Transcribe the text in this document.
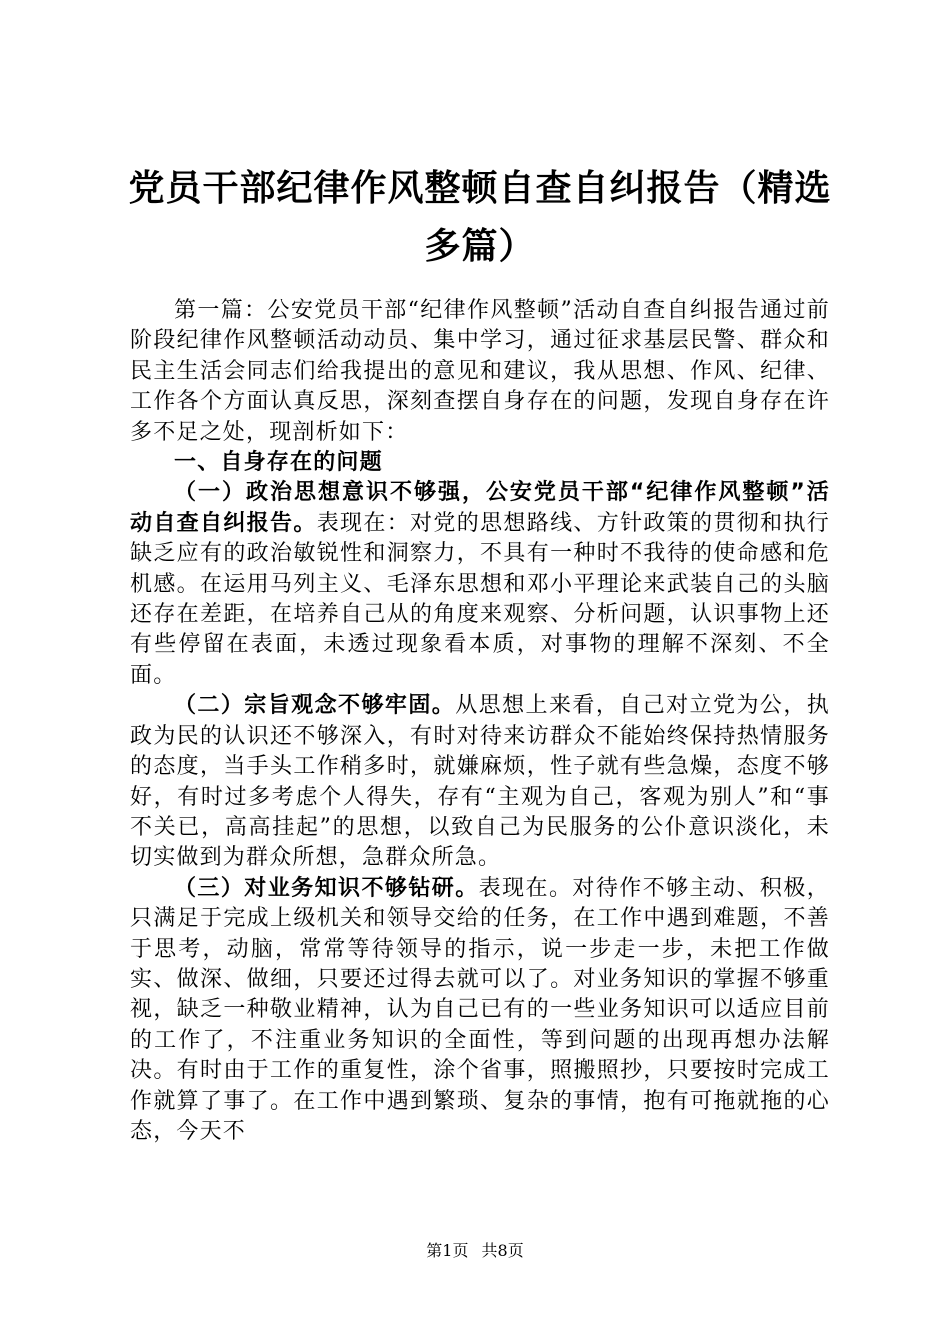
党员干部纪律作风整顿自查自纠报告（精选多篇）

第一篇：公安党员干部“纪律作风整顿”活动自查自纠报告通过前阶段纪律作风整顿活动动员、集中学习，通过征求基层民警、群众和民主生活会同志们给我提出的意见和建议，我从思想、作风、纪律、工作各个方面认真反思，深刻查摆自身存在的问题，发现自身存在许多不足之处，现剖析如下：

一、自身存在的问题

（一）政治思想意识不够强，公安党员干部“纪律作风整顿”活动自查自纠报告。表现在：对党的思想路线、方针政策的贯彻和执行缺乏应有的政治敏锐性和洞察力，不具有一种时不我待的使命感和危机感。在运用马列主义、毛泽东思想和邓小平理论来武装自己的头脑还存在差距，在培养自己从的角度来观察、分析问题，认识事物上还有些停留在表面，未透过现象看本质，对事物的理解不深刻、不全面。

（二）宗旨观念不够牢固。从思想上来看，自己对立党为公，执政为民的认识还不够深入，有时对待来访群众不能始终保持热情服务的态度，当手头工作稍多时，就嫌麻烦，性子就有些急燥，态度不够好，有时过多考虑个人得失，存有“主观为自己，客观为别人”和“事不关已，高高挂起”的思想，以致自己为民服务的公仆意识淡化，未切实做到为群众所想，急群众所急。

（三）对业务知识不够钻研。表现在。对待作不够主动、积极，只满足于完成上级机关和领导交给的任务，在工作中遇到难题，不善于思考，动脑，常常等待领导的指示，说一步走一步，未把工作做实、做深、做细，只要还过得去就可以了。对业务知识的掌握不够重视，缺乏一种敬业精神，认为自己已有的一些业务知识可以适应目前的工作了，不注重业务知识的全面性，等到问题的出现再想办法解决。有时由于工作的重复性，涂个省事，照搬照抄，只要按时完成工作就算了事了。在工作中遇到繁琐、复杂的事情，抱有可拖就拖的心态，今天不

第1页 共8页
